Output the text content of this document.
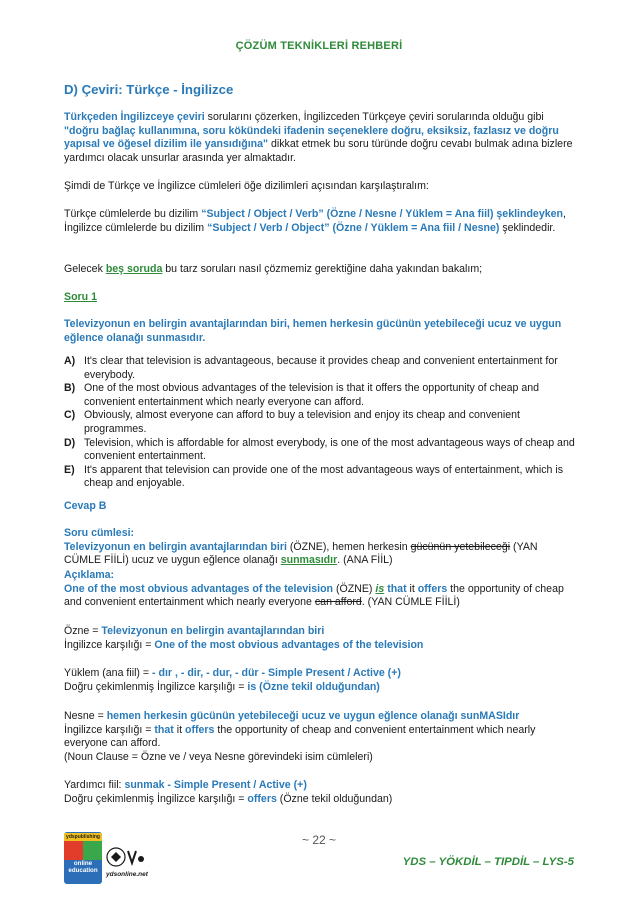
ÇÖZÜM TEKNİKLERİ REHBERİ
D) Çeviri: Türkçe - İngilizce
Türkçeden İngilizceye çeviri sorularını çözerken, İngilizceden Türkçeye çeviri sorularında olduğu gibi "doğru bağlaç kullanımına, soru kökündeki ifadenin seçeneklere doğru, eksiksiz, fazlasız ve doğru yapısal ve öğesel dizilim ile yansıdığına" dikkat etmek bu soru türünde doğru cevabı bulmak adına bizlere yardımcı olacak unsurlar arasında yer almaktadır.
Şimdi de Türkçe ve İngilizce cümleleri öğe dizilimleri açısından karşılaştıralım:
Türkçe cümlelerde bu dizilim “Subject / Object / Verb” (Özne / Nesne / Yüklem = Ana fiil) şeklindeyken, İngilizce cümlelerde bu dizilim “Subject / Verb / Object” (Özne / Yüklem = Ana fiil / Nesne) şeklindedir.
Gelecek beş soruda bu tarz soruları nasıl çözmemiz gerektiğine daha yakından bakalım;
Soru 1
Televizyonun en belirgin avantajlarından biri, hemen herkesin gücünün yetebileceği ucuz ve uygun eğlence olanağı sunmasıdır.
A) It's clear that television is advantageous, because it provides cheap and convenient entertainment for everybody.
B) One of the most obvious advantages of the television is that it offers the opportunity of cheap and convenient entertainment which nearly everyone can afford.
C) Obviously, almost everyone can afford to buy a television and enjoy its cheap and convenient programmes.
D) Television, which is affordable for almost everybody, is one of the most advantageous ways of cheap and convenient entertainment.
E) It's apparent that television can provide one of the most advantageous ways of entertainment, which is cheap and enjoyable.
Cevap B
Soru cümlesi:
Televizyonun en belirgin avantajlarından biri (ÖZNE), hemen herkesin gücünün yetebileceği (YAN CÜMLE FİİLİ) ucuz ve uygun eğlence olanağı sunmasıdır. (ANA FİİL)
Açıklama:
One of the most obvious advantages of the television (ÖZNE) is that it offers the opportunity of cheap and convenient entertainment which nearly everyone can afford. (YAN CÜMLE FİİLİ)
Özne = Televizyonun en belirgin avantajlarından biri
İngilizce karşılığı = One of the most obvious advantages of the television
Yüklem (ana fiil) = - dır , - dir, - dur, - dür - Simple Present / Active (+)
Doğru çekimlenmiş İngilizce karşılığı = is (Özne tekil olduğundan)
Nesne = hemen herkesin gücünün yetebileceği ucuz ve uygun eğlence olanağı sunMASIdır
İngilizce karşılığı = that it offers the opportunity of cheap and convenient entertainment which nearly everyone can afford.
(Noun Clause = Özne ve / veya Nesne görevindeki isim cümleleri)
Yardımcı fiil: sunmak - Simple Present / Active (+)
Doğru çekimlenmiş İngilizce karşılığı = offers (Özne tekil olduğundan)
ydspublishing
online education
ydsonline.net
~ 22 ~
YDS – YÖKDİL – TIPDİL – LYS-5
